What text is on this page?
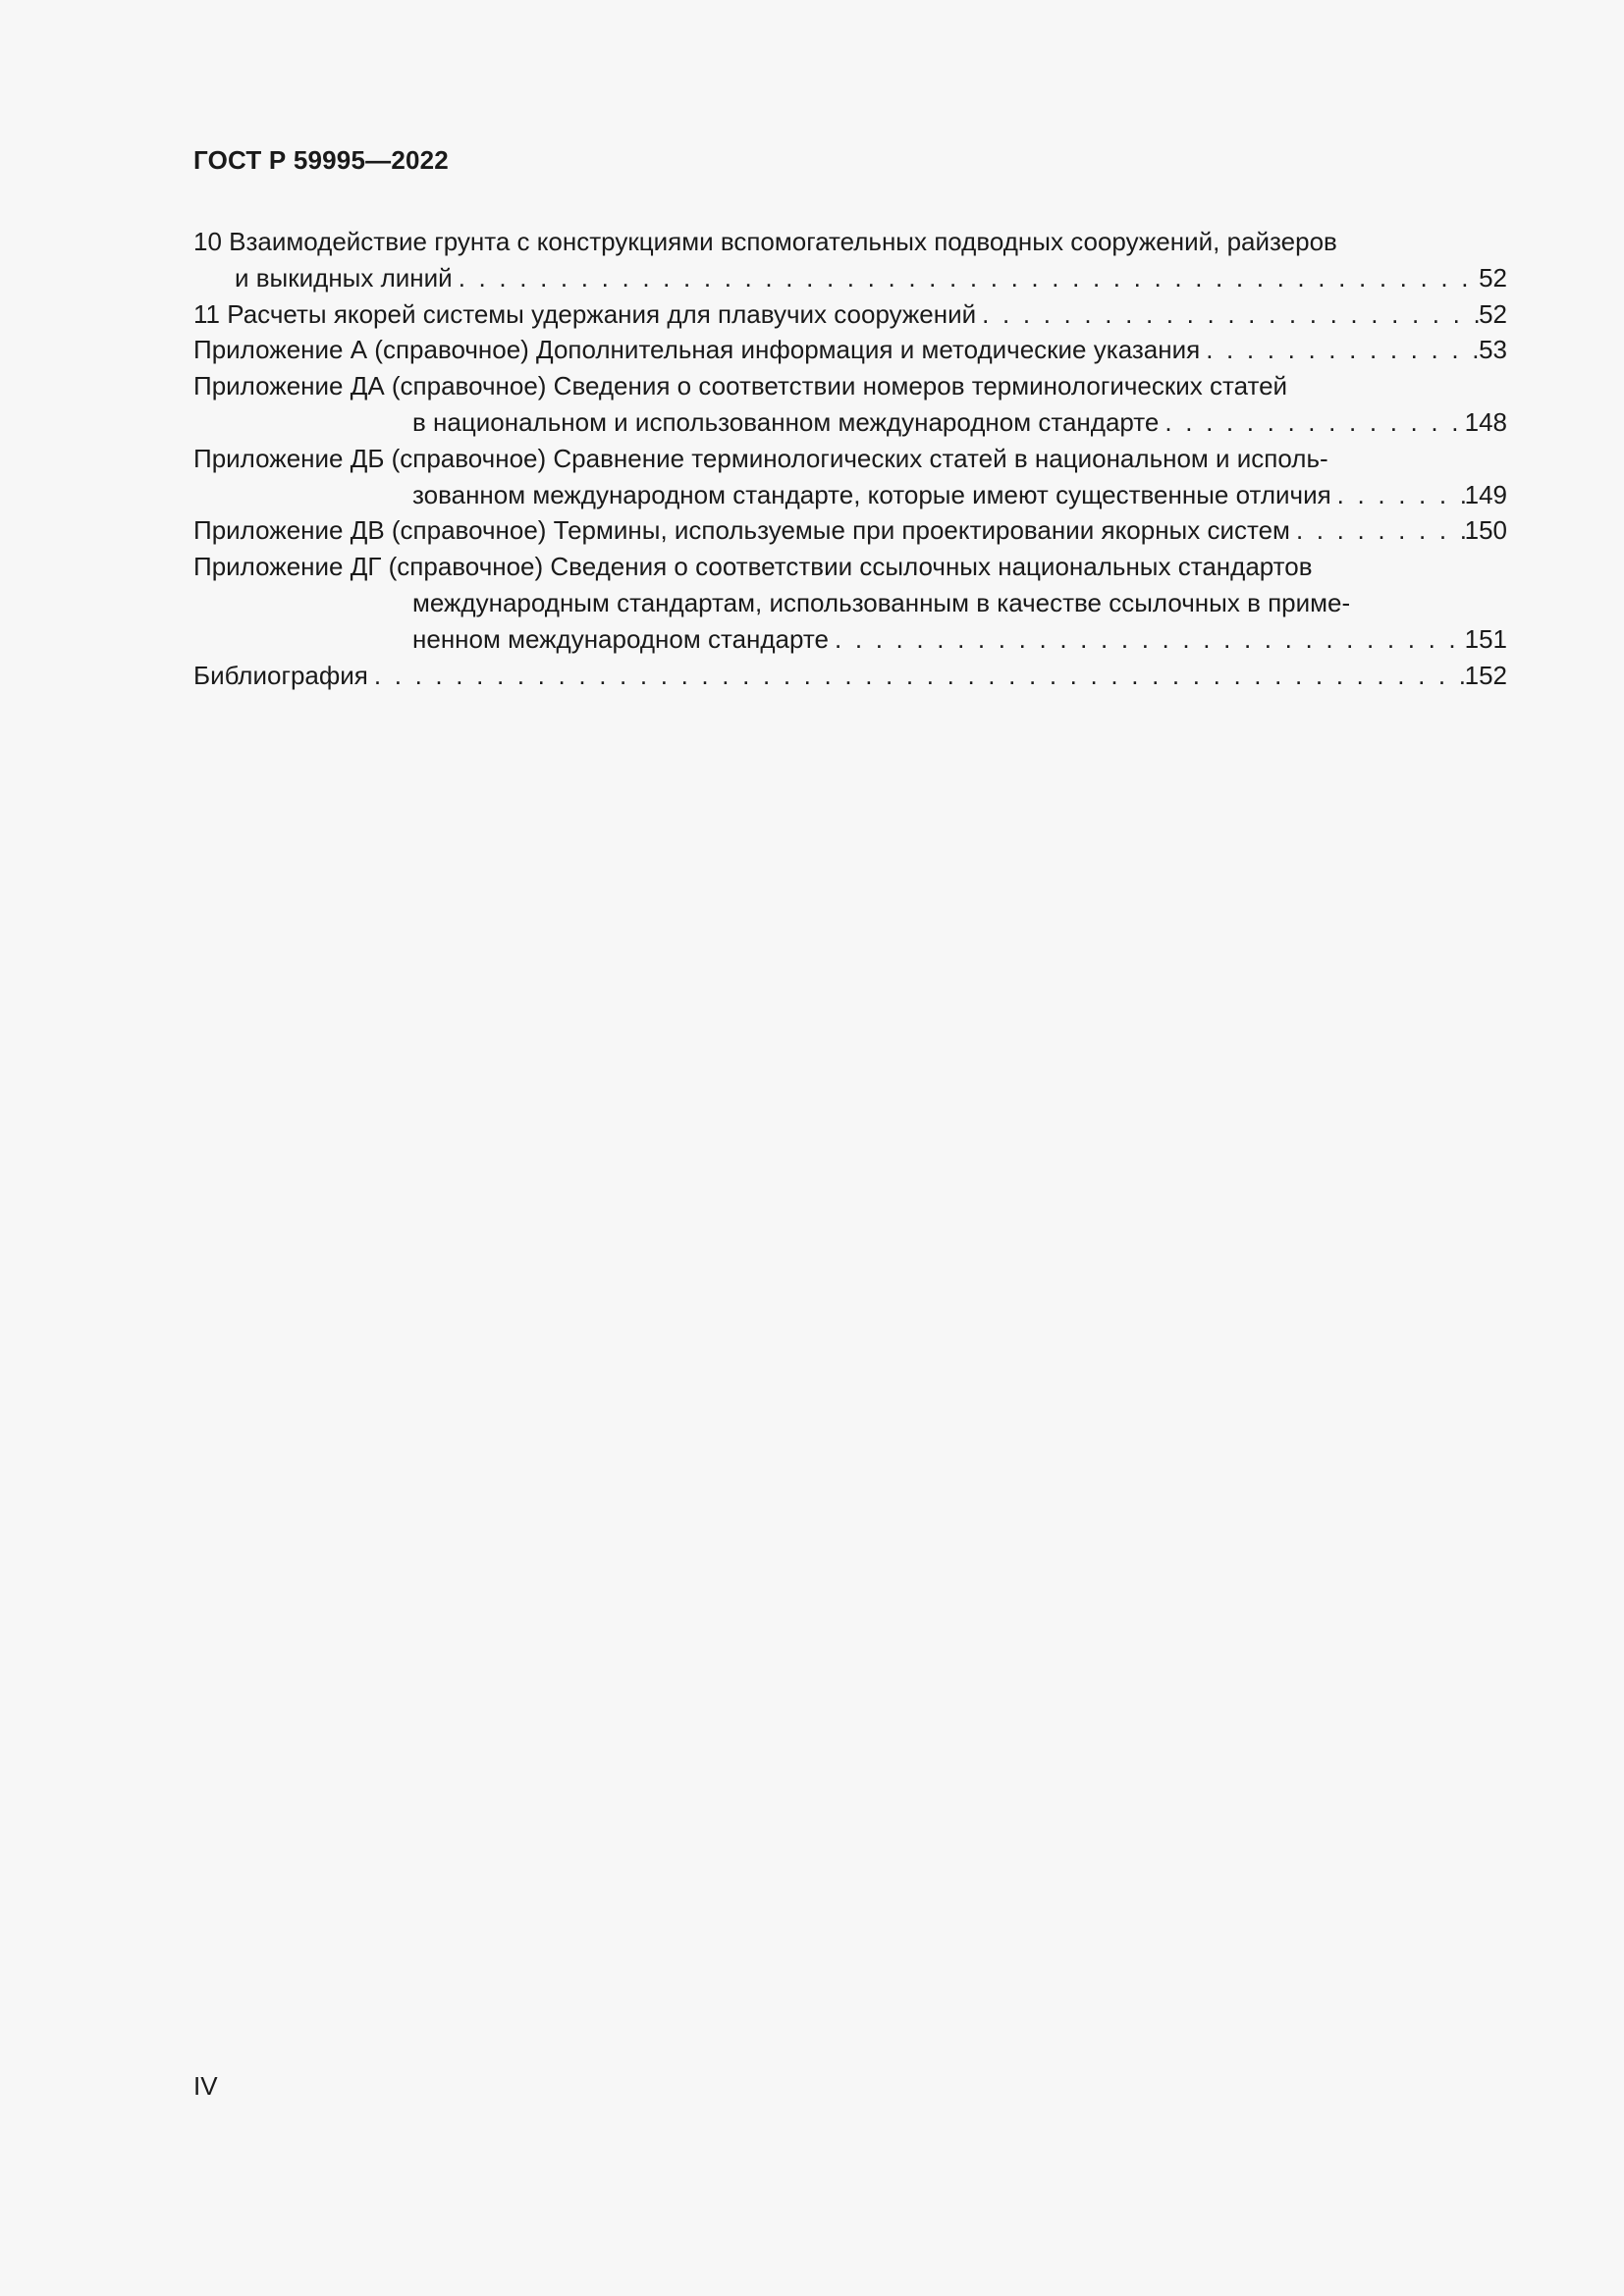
ГОСТ Р 59995—2022
10 Взаимодействие грунта с конструкциями вспомогательных подводных сооружений, райзеров
и выкидных линий . . .	52
11 Расчеты якорей системы удержания для плавучих сооружений . . .	52
Приложение А (справочное) Дополнительная информация и методические указания . . .	53
Приложение ДА (справочное) Сведения о соответствии номеров терминологических статей
в национальном и использованном международном стандарте . . .	148
Приложение ДБ (справочное) Сравнение терминологических статей в национальном и исполь-
зованном международном стандарте, которые имеют существенные отличия . . .	149
Приложение ДВ (справочное) Термины, используемые при проектировании якорных систем . . .	150
Приложение ДГ (справочное) Сведения о соответствии ссылочных национальных стандартов
международным стандартам, использованным в качестве ссылочных в приме-
ненном международном стандарте . . .	151
Библиография . . .	152
IV
